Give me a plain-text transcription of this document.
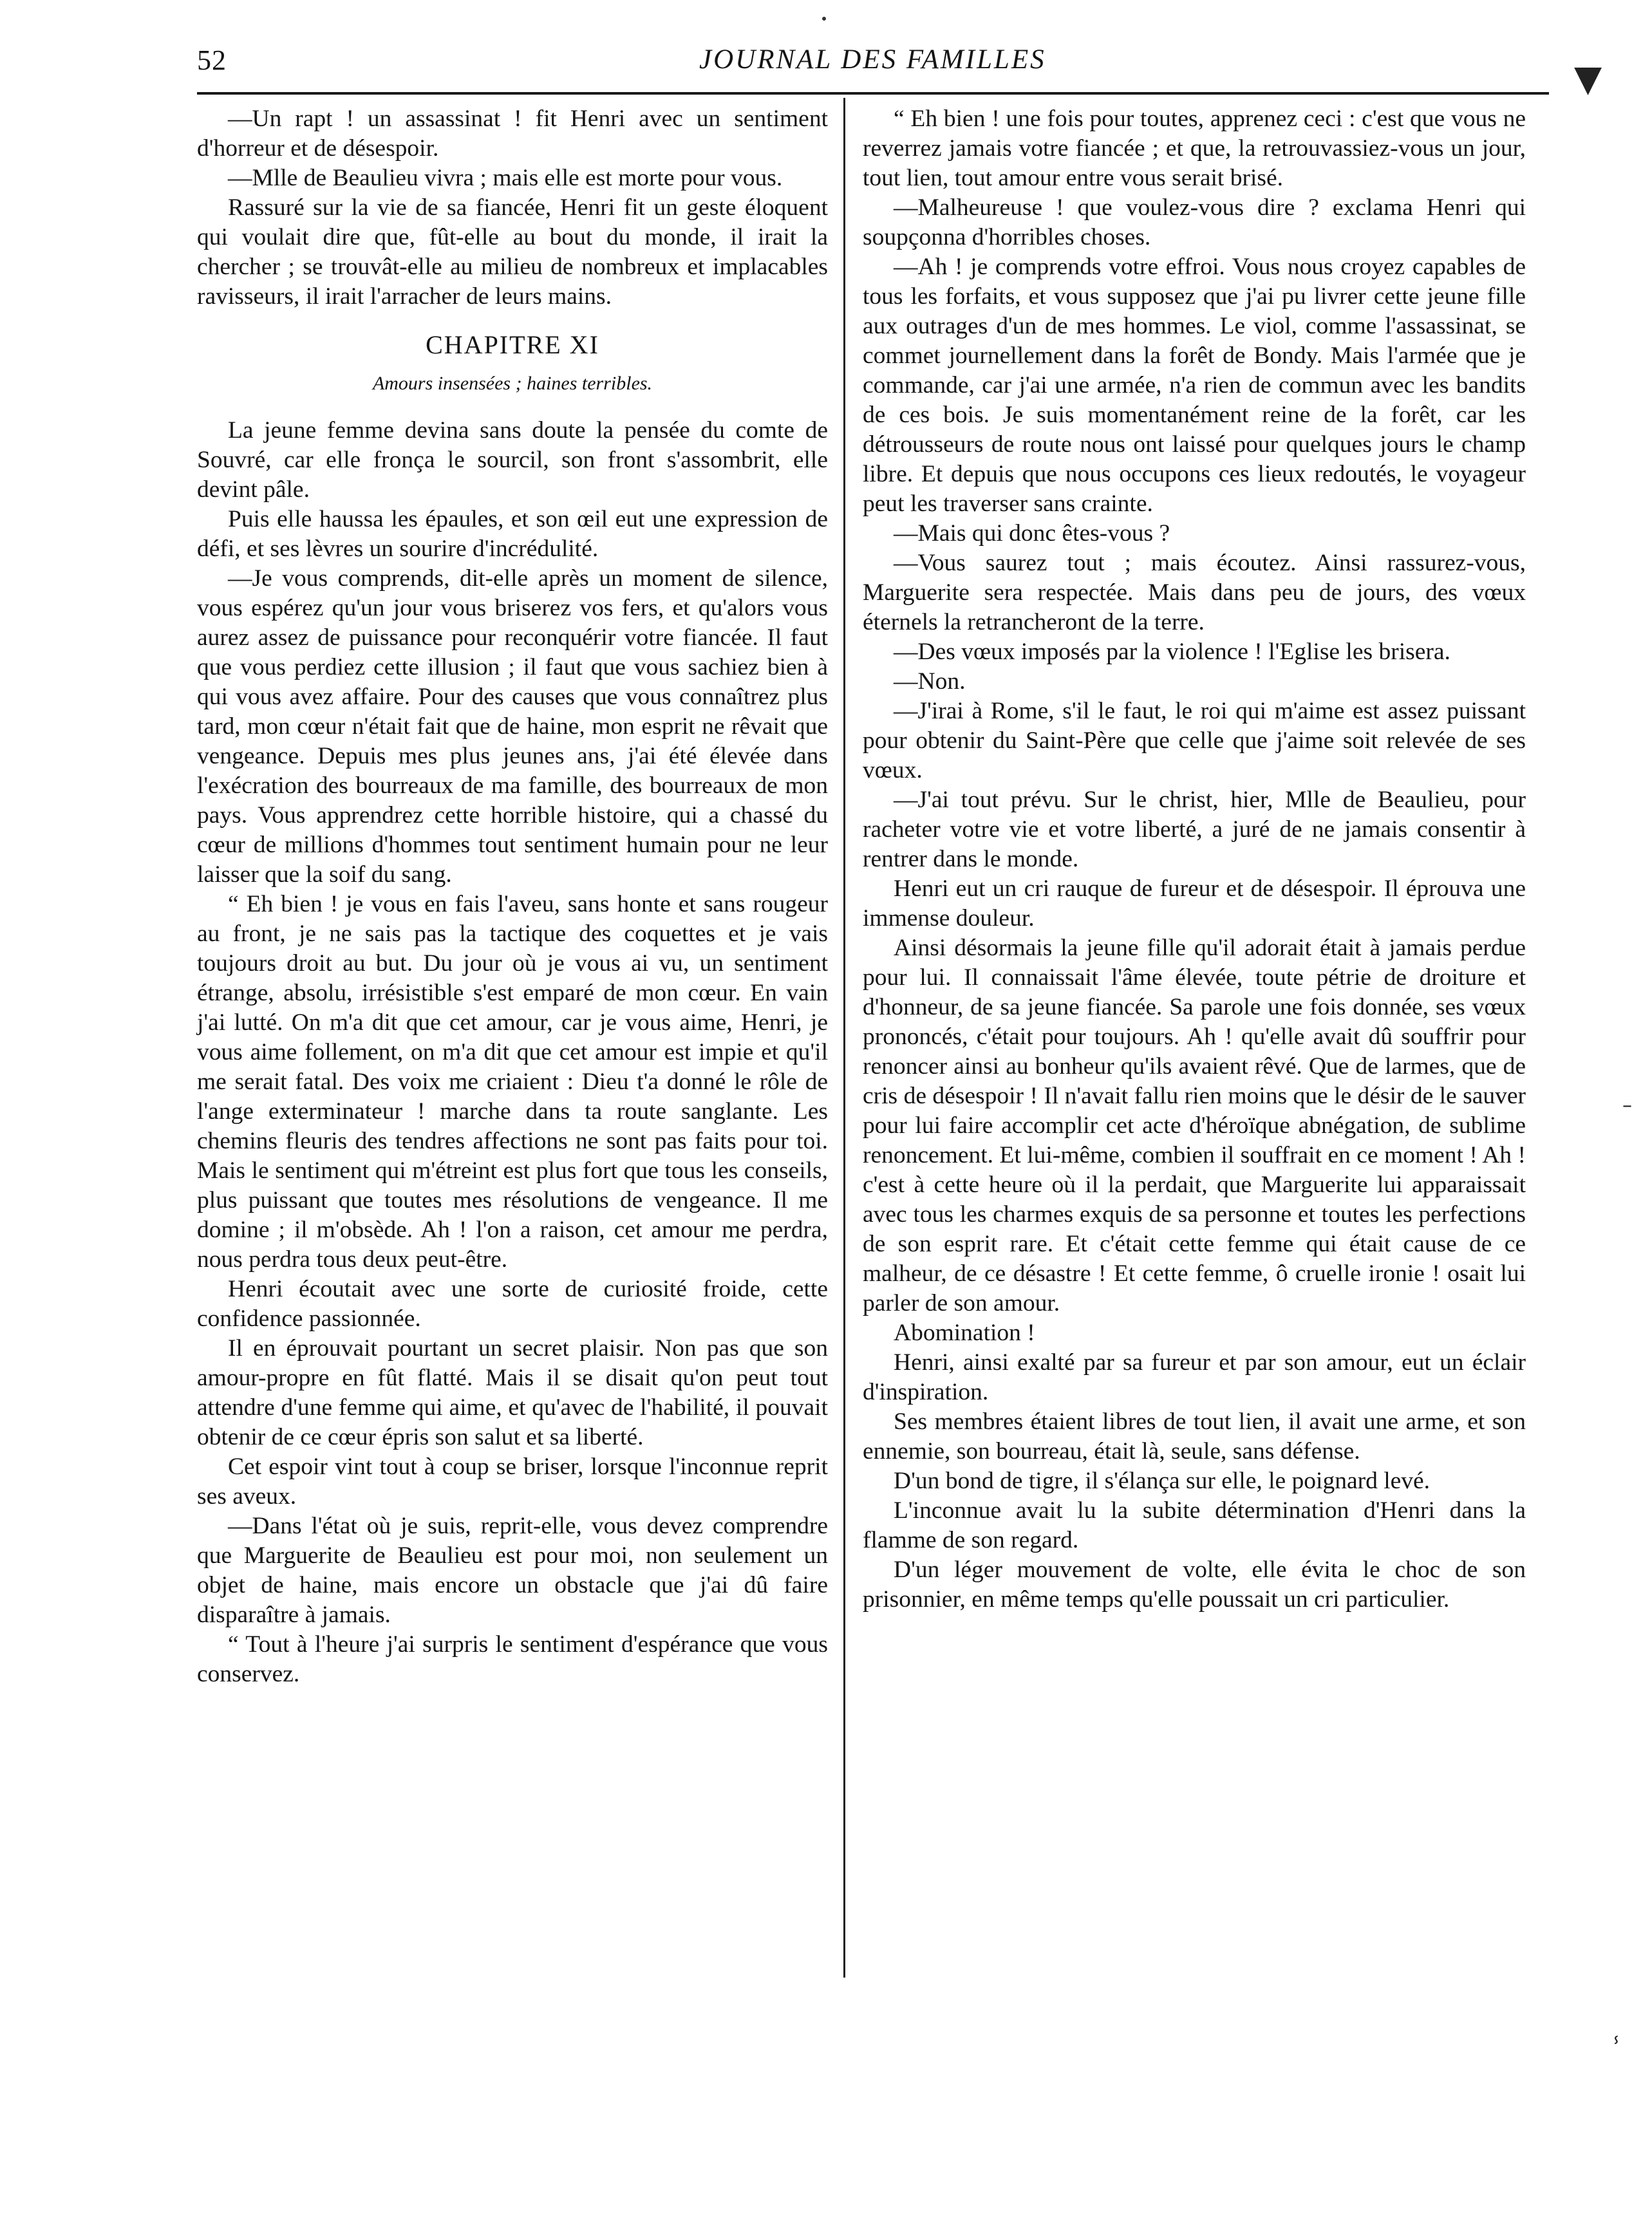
52	JOURNAL DES FAMILLES	▼
–
ⸯ

—Un rapt ! un assassinat ! fit Henri avec un sentiment d'horreur et de désespoir.

—Mlle de Beaulieu vivra ; mais elle est morte pour vous.

Rassuré sur la vie de sa fiancée, Henri fit un geste éloquent qui voulait dire que, fût-elle au bout du monde, il irait la chercher ; se trouvât-elle au milieu de nombreux et implacables ravisseurs, il irait l'arracher de leurs mains.

CHAPITRE XI
Amours insensées ; haines terribles.

La jeune femme devina sans doute la pensée du comte de Souvré, car elle fronça le sourcil, son front s'assombrit, elle devint pâle.

Puis elle haussa les épaules, et son œil eut une expression de défi, et ses lèvres un sourire d'incrédulité.

—Je vous comprends, dit-elle après un moment de silence, vous espérez qu'un jour vous briserez vos fers, et qu'alors vous aurez assez de puissance pour reconquérir votre fiancée. Il faut que vous perdiez cette illusion ; il faut que vous sachiez bien à qui vous avez affaire. Pour des causes que vous connaîtrez plus tard, mon cœur n'était fait que de haine, mon esprit ne rêvait que vengeance. Depuis mes plus jeunes ans, j'ai été élevée dans l'exécration des bourreaux de ma famille, des bourreaux de mon pays. Vous apprendrez cette horrible histoire, qui a chassé du cœur de millions d'hommes tout sentiment humain pour ne leur laisser que la soif du sang.

“ Eh bien ! je vous en fais l'aveu, sans honte et sans rougeur au front, je ne sais pas la tactique des coquettes et je vais toujours droit au but. Du jour où je vous ai vu, un sentiment étrange, absolu, irrésistible s'est emparé de mon cœur. En vain j'ai lutté. On m'a dit que cet amour, car je vous aime, Henri, je vous aime follement, on m'a dit que cet amour est impie et qu'il me serait fatal. Des voix me criaient : Dieu t'a donné le rôle de l'ange exterminateur ! marche dans ta route sanglante. Les chemins fleuris des tendres affections ne sont pas faits pour toi. Mais le sentiment qui m'étreint est plus fort que tous les conseils, plus puissant que toutes mes résolutions de vengeance. Il me domine ; il m'obsède. Ah ! l'on a raison, cet amour me perdra, nous perdra tous deux peut-être.

Henri écoutait avec une sorte de curiosité froide, cette confidence passionnée.

Il en éprouvait pourtant un secret plaisir. Non pas que son amour-propre en fût flatté. Mais il se disait qu'on peut tout attendre d'une femme qui aime, et qu'avec de l'habilité, il pouvait obtenir de ce cœur épris son salut et sa liberté.

Cet espoir vint tout à coup se briser, lorsque l'inconnue reprit ses aveux.

—Dans l'état où je suis, reprit-elle, vous devez comprendre que Marguerite de Beaulieu est pour moi, non seulement un objet de haine, mais encore un obstacle que j'ai dû faire disparaître à jamais.

“ Tout à l'heure j'ai surpris le sentiment d'espérance que vous conservez.

“ Eh bien ! une fois pour toutes, apprenez ceci : c'est que vous ne reverrez jamais votre fiancée ; et que, la retrouvassiez-vous un jour, tout lien, tout amour entre vous serait brisé.

—Malheureuse ! que voulez-vous dire ? exclama Henri qui soupçonna d'horribles choses.

—Ah ! je comprends votre effroi. Vous nous croyez capables de tous les forfaits, et vous supposez que j'ai pu livrer cette jeune fille aux outrages d'un de mes hommes. Le viol, comme l'assassinat, se commet journellement dans la forêt de Bondy. Mais l'armée que je commande, car j'ai une armée, n'a rien de commun avec les bandits de ces bois. Je suis momentanément reine de la forêt, car les détrousseurs de route nous ont laissé pour quelques jours le champ libre. Et depuis que nous occupons ces lieux redoutés, le voyageur peut les traverser sans crainte.

—Mais qui donc êtes-vous ?

—Vous saurez tout ; mais écoutez. Ainsi rassurez-vous, Marguerite sera respectée. Mais dans peu de jours, des vœux éternels la retrancheront de la terre.

—Des vœux imposés par la violence ! l'Eglise les brisera.

—Non.

—J'irai à Rome, s'il le faut, le roi qui m'aime est assez puissant pour obtenir du Saint-Père que celle que j'aime soit relevée de ses vœux.

—J'ai tout prévu. Sur le christ, hier, Mlle de Beaulieu, pour racheter votre vie et votre liberté, a juré de ne jamais consentir à rentrer dans le monde.

Henri eut un cri rauque de fureur et de désespoir. Il éprouva une immense douleur.

Ainsi désormais la jeune fille qu'il adorait était à jamais perdue pour lui. Il connaissait l'âme élevée, toute pétrie de droiture et d'honneur, de sa jeune fiancée. Sa parole une fois donnée, ses vœux prononcés, c'était pour toujours. Ah ! qu'elle avait dû souffrir pour renoncer ainsi au bonheur qu'ils avaient rêvé. Que de larmes, que de cris de désespoir ! Il n'avait fallu rien moins que le désir de le sauver pour lui faire accomplir cet acte d'héroïque abnégation, de sublime renoncement. Et lui-même, combien il souffrait en ce moment ! Ah ! c'est à cette heure où il la perdait, que Marguerite lui apparaissait avec tous les charmes exquis de sa personne et toutes les perfections de son esprit rare. Et c'était cette femme qui était cause de ce malheur, de ce désastre ! Et cette femme, ô cruelle ironie ! osait lui parler de son amour.

Abomination !

Henri, ainsi exalté par sa fureur et par son amour, eut un éclair d'inspiration.

Ses membres étaient libres de tout lien, il avait une arme, et son ennemie, son bourreau, était là, seule, sans défense.

D'un bond de tigre, il s'élança sur elle, le poignard levé.

L'inconnue avait lu la subite détermination d'Henri dans la flamme de son regard.

D'un léger mouvement de volte, elle évita le choc de son prisonnier, en même temps qu'elle poussait un cri particulier.
